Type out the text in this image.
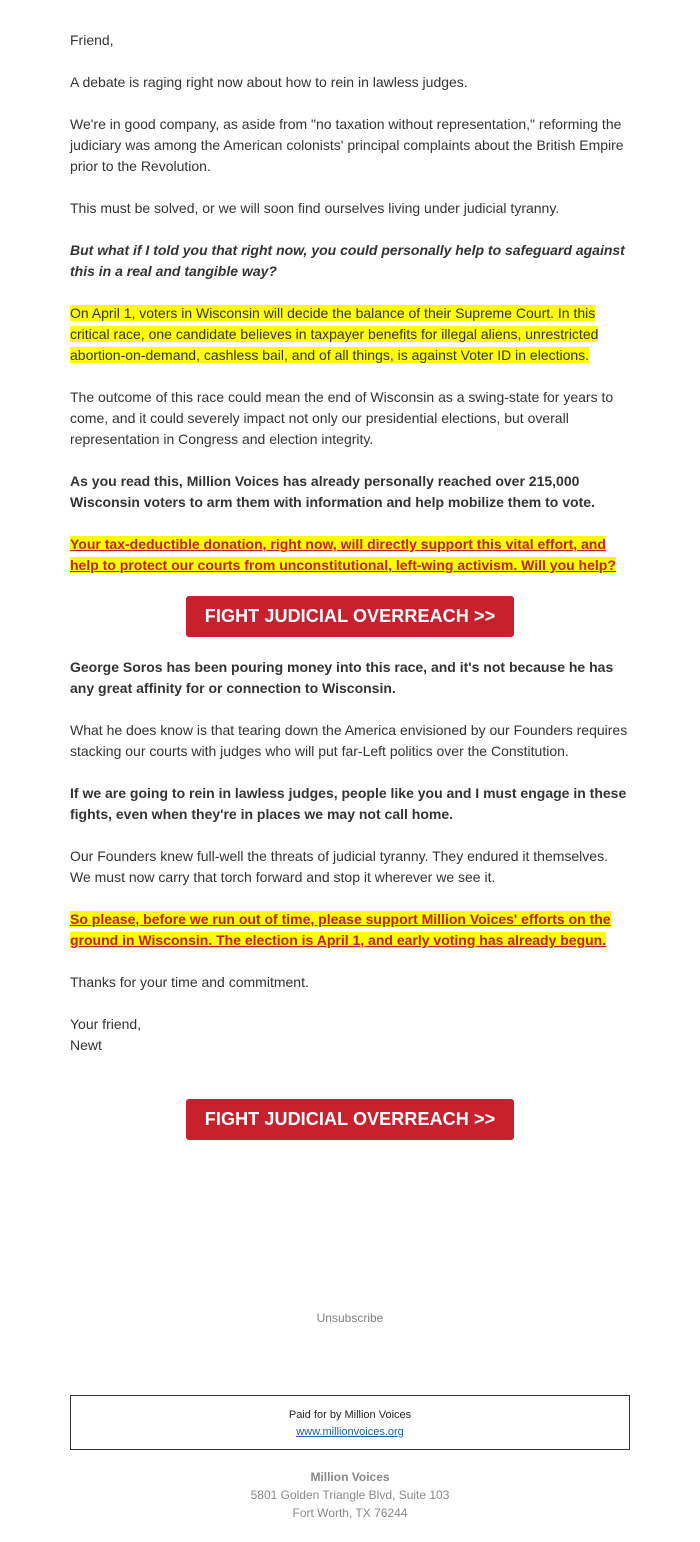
Friend,

A debate is raging right now about how to rein in lawless judges.

We're in good company, as aside from "no taxation without representation," reforming the
judiciary was among the American colonists' principal complaints about the British Empire
prior to the Revolution.

This must be solved, or we will soon find ourselves living under judicial tyranny.

But what if I told you that right now, you could personally help to safeguard against
this in a real and tangible way?
On April 1, voters in Wisconsin will decide the balance of their Supreme Court. In this
critical race, one candidate believes in taxpayer benefits for illegal aliens, unrestricted
abortion-on-demand, cashless bail, and of all things, is against Voter ID in elections.
The outcome of this race could mean the end of Wisconsin as a swing-state for years to
come, and it could severely impact not only our presidential elections, but overall
representation in Congress and election integrity.
As you read this, Million Voices has already personally reached over 215,000
Wisconsin voters to arm them with information and help mobilize them to vote.
Your tax-deductible donation, right now, will directly support this vital effort, and
help to protect our courts from unconstitutional, left-wing activism. Will you help?
FIGHT JUDICIAL OVERREACH >>
George Soros has been pouring money into this race, and it's not because he has
any great affinity for or connection to Wisconsin.
What he does know is that tearing down the America envisioned by our Founders requires
stacking our courts with judges who will put far-Left politics over the Constitution.
If we are going to rein in lawless judges, people like you and I must engage in these
fights, even when they're in places we may not call home.
Our Founders knew full-well the threats of judicial tyranny. They endured it themselves.
We must now carry that torch forward and stop it wherever we see it.
So please, before we run out of time, please support Million Voices' efforts on the
ground in Wisconsin. The election is April 1, and early voting has already begun.

Thanks for your time and commitment.

Your friend,
Newt
FIGHT JUDICIAL OVERREACH >>
Unsubscribe
Paid for by Million Voices
www.millionvoices.org
Million Voices
5801 Golden Triangle Blvd, Suite 103
Fort Worth, TX 76244
